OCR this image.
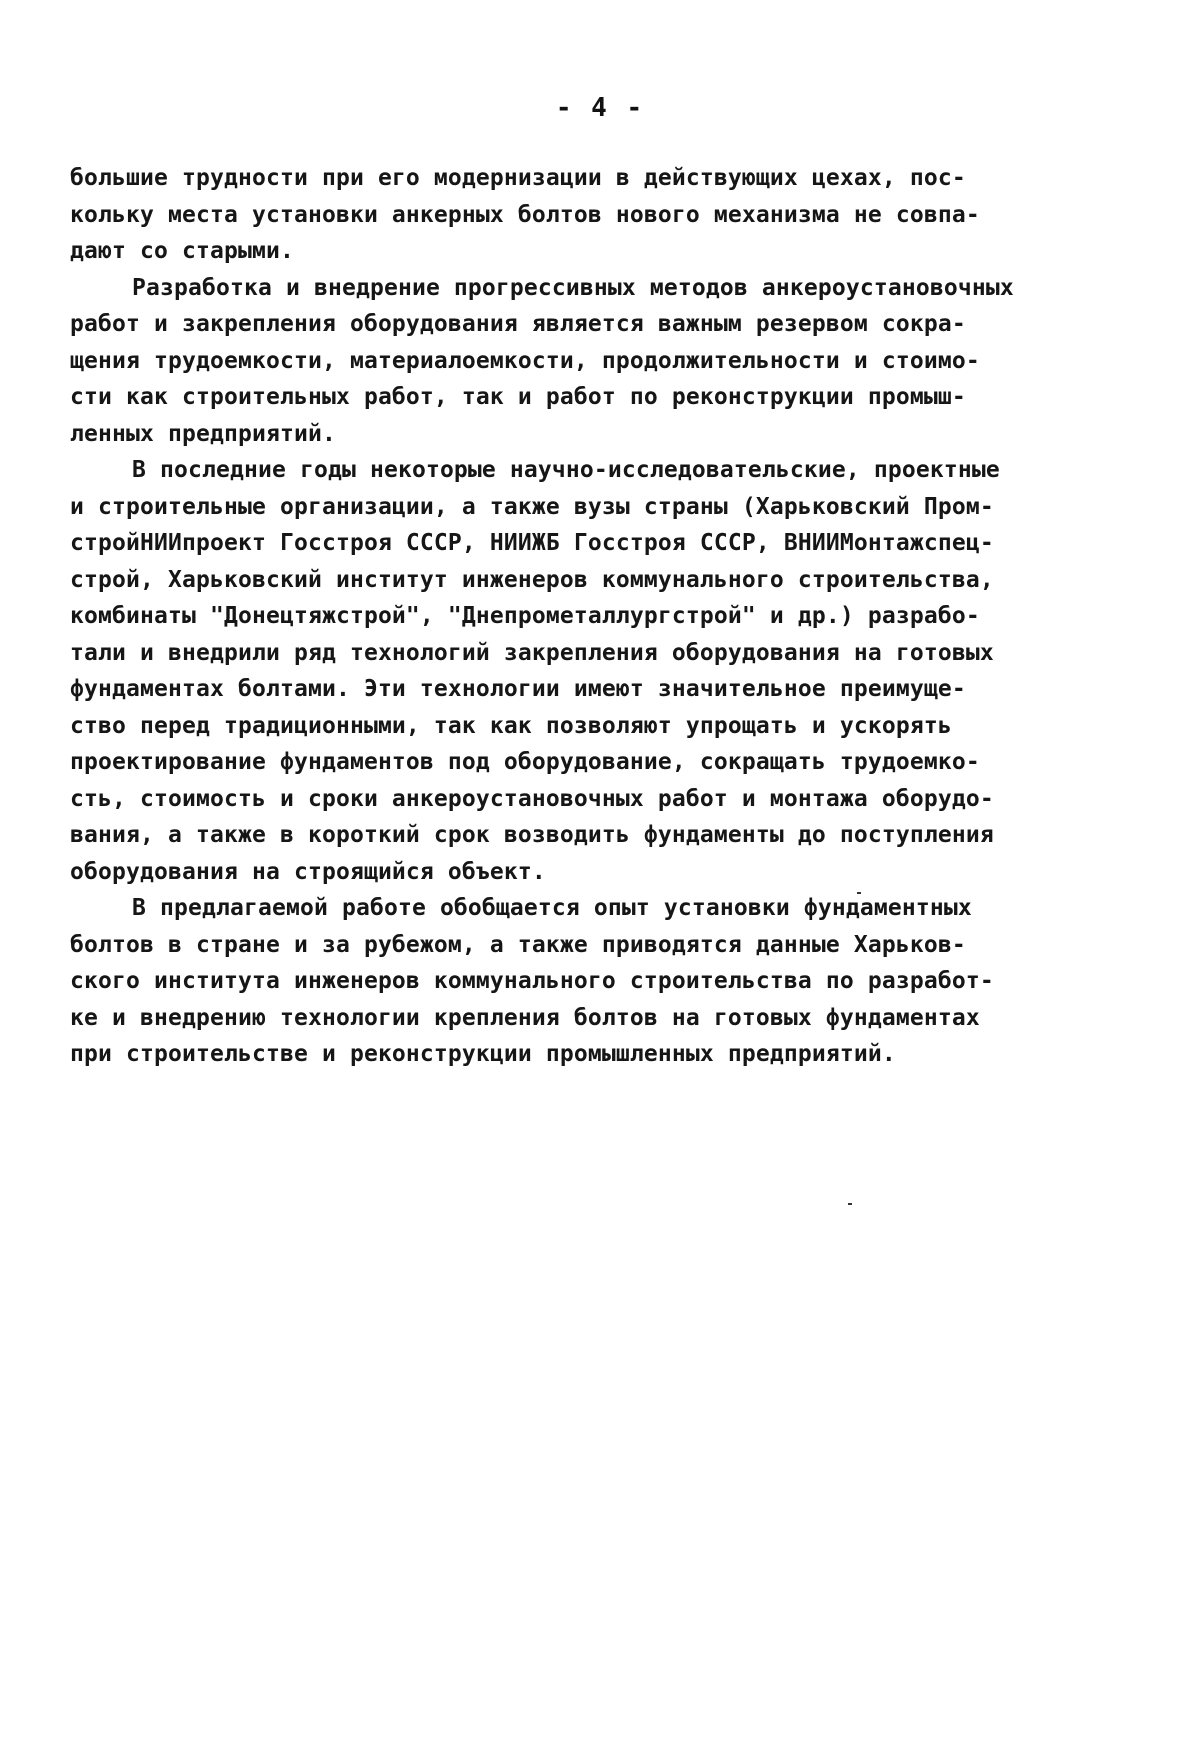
- 4 -
большие трудности при его модернизации в действующих цехах, пос-
кольку места установки анкерных болтов нового механизма не совпа-
дают со старыми.
Разработка и внедрение прогрессивных методов анкероустановочных
работ и закрепления оборудования является важным резервом сокра-
щения трудоемкости, материалоемкости, продолжительности и стоимо-
сти как строительных работ, так и работ по реконструкции промыш-
ленных предприятий.
В последние годы некоторые научно-исследовательские, проектные
и строительные организации, а также вузы страны (Харьковский Пром-
стройНИИпроект Госстроя СССР, НИИЖБ Госстроя СССР, ВНИИМонтажспец-
строй, Харьковский институт инженеров коммунального строительства,
комбинаты "Донецтяжстрой", "Днепрометаллургстрой" и др.) разрабо-
тали и внедрили ряд технологий закрепления оборудования на готовых
фундаментах болтами. Эти технологии имеют значительное преимуще-
ство перед традиционными, так как позволяют упрощать и ускорять
проектирование фундаментов под оборудование, сокращать трудоемко-
сть, стоимость и сроки анкероустановочных работ и монтажа оборудо-
вания, а также в короткий срок возводить фундаменты до поступления
оборудования на строящийся объект.
В предлагаемой работе обобщается опыт установки фундаментных
болтов в стране и за рубежом, а также приводятся данные Харьков-
ского института инженеров коммунального строительства по разработ-
ке и внедрению технологии крепления болтов на готовых фундаментах
при строительстве и реконструкции промышленных предприятий.
